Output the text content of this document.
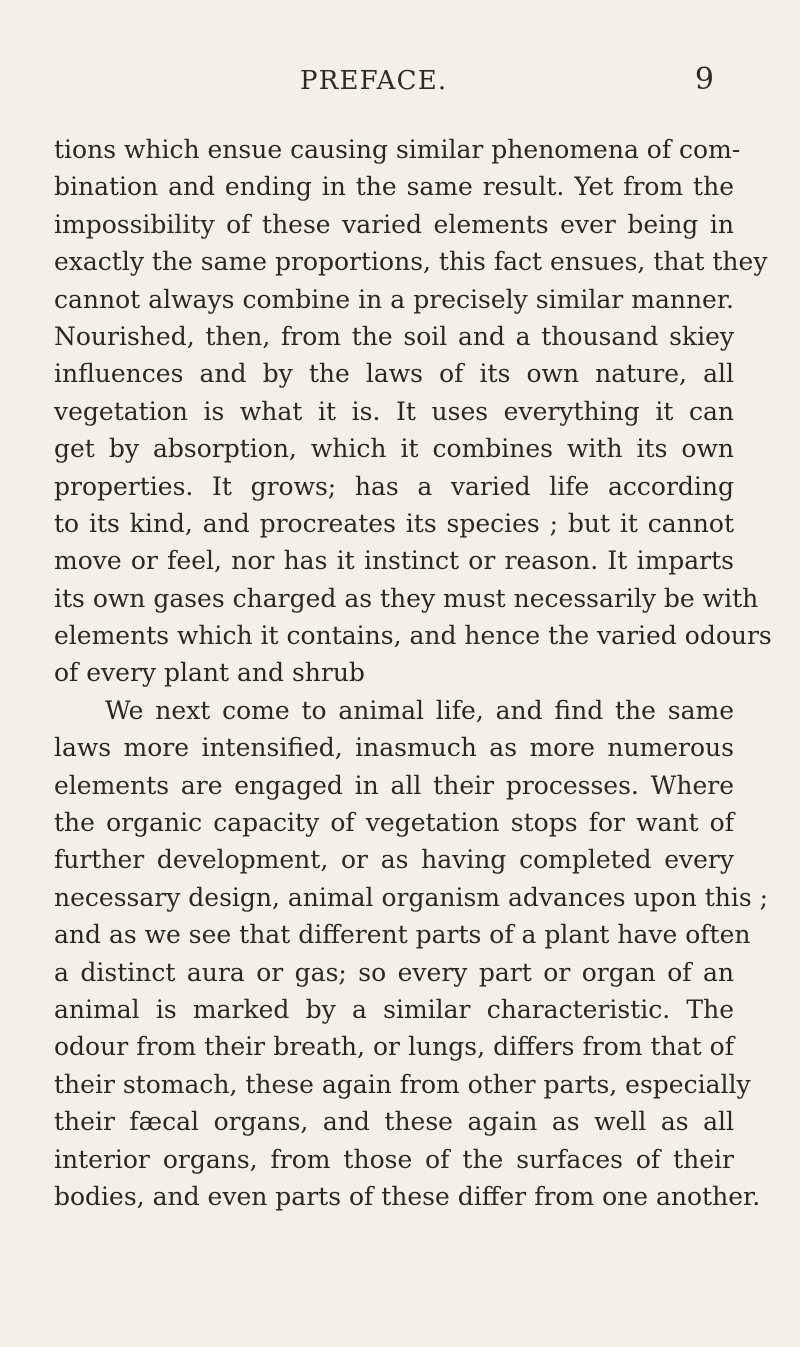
PREFACE.	9
tions which ensue causing similar phenomena of com-
bination and ending in the same result. Yet from the
impossibility of these varied elements ever being in
exactly the same proportions, this fact ensues, that they
cannot always combine in a precisely similar manner.
Nourished, then, from the soil and a thousand skiey
influences and by the laws of its own nature, all
vegetation is what it is. It uses everything it can
get by absorption, which it combines with its own
properties. It grows; has a varied life according
to its kind, and procreates its species ; but it cannot
move or feel, nor has it instinct or reason. It imparts
its own gases charged as they must necessarily be with
elements which it contains, and hence the varied odours
of every plant and shrub
We next come to animal life, and find the same
laws more intensified, inasmuch as more numerous
elements are engaged in all their processes. Where
the organic capacity of vegetation stops for want of
further development, or as having completed every
necessary design, animal organism advances upon this ;
and as we see that different parts of a plant have often
a distinct aura or gas; so every part or organ of an
animal is marked by a similar characteristic. The
odour from their breath, or lungs, differs from that of
their stomach, these again from other parts, especially
their fæcal organs, and these again as well as all
interior organs, from those of the surfaces of their
bodies, and even parts of these differ from one another.
